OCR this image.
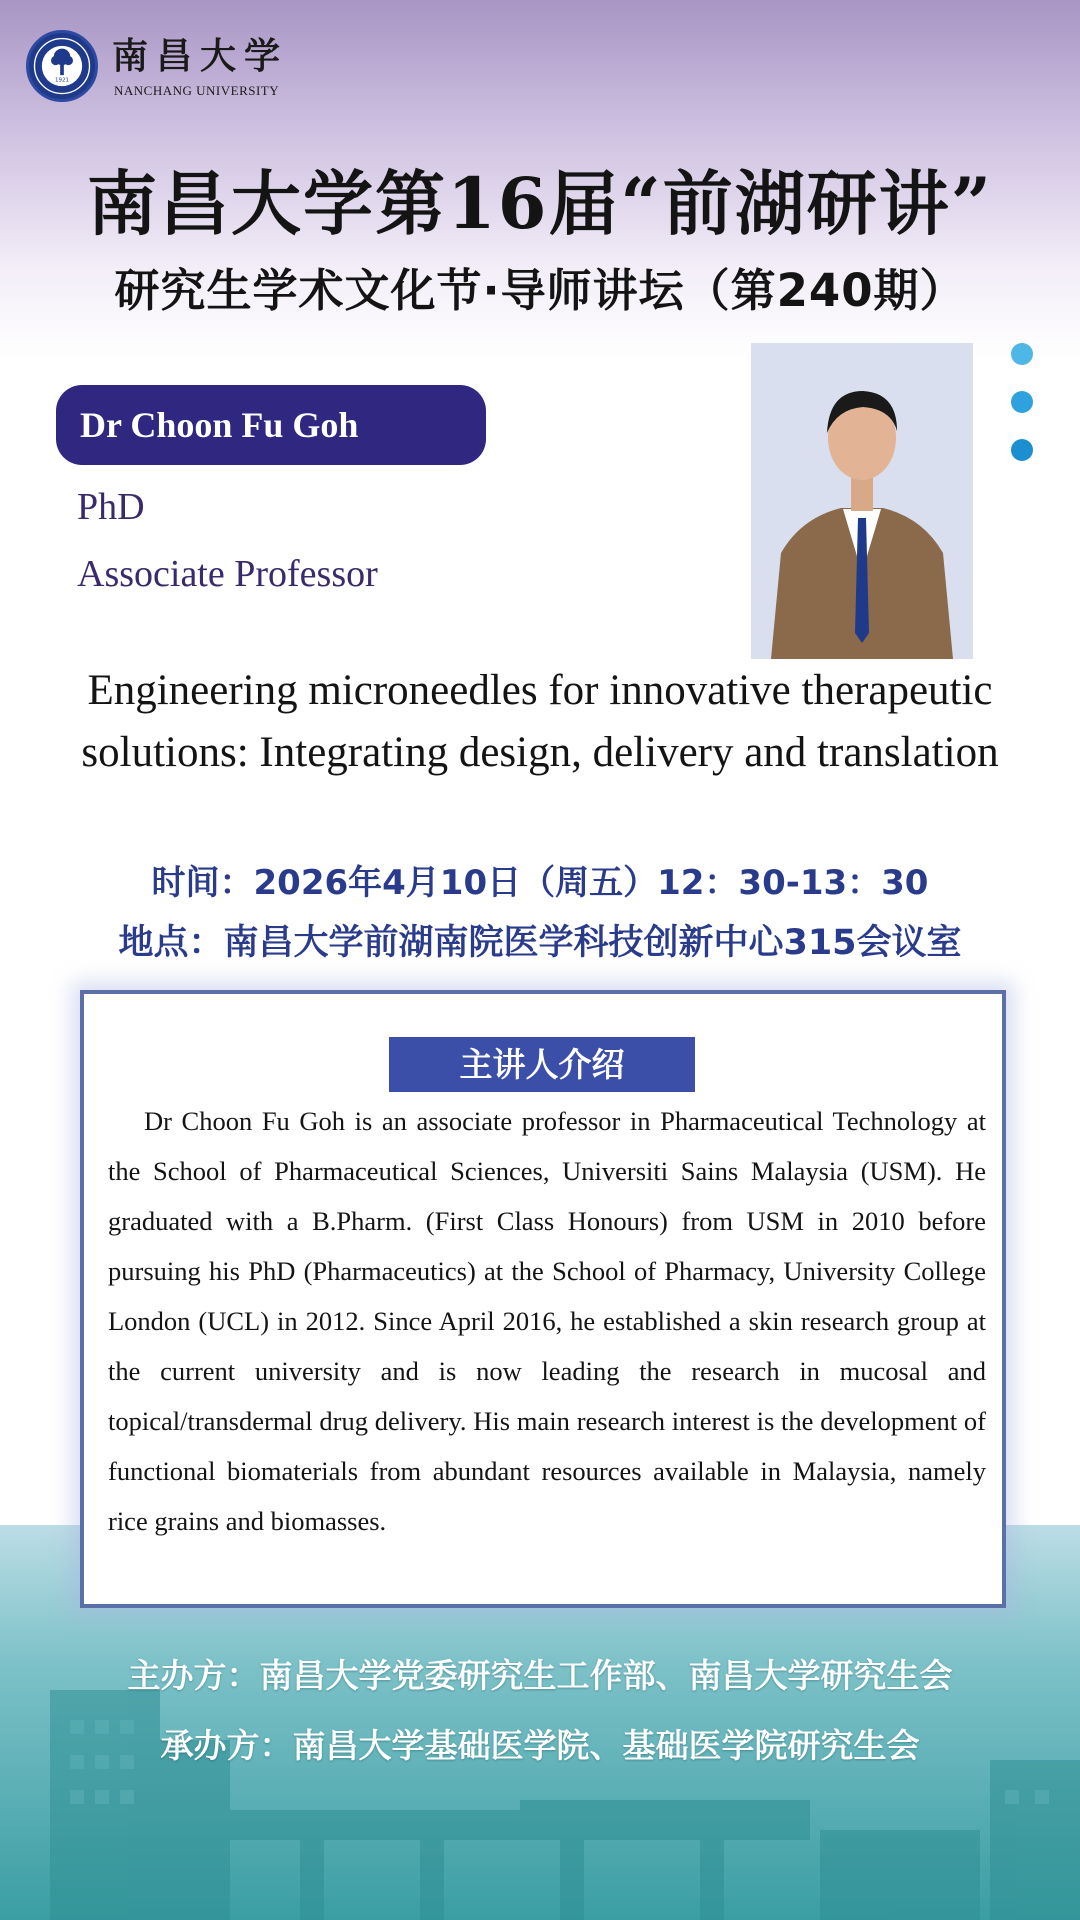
1921
南昌大学
NANCHANG UNIVERSITY
南昌大学第16届“前湖研讲”
研究生学术文化节·导师讲坛（第240期）
Dr Choon Fu Goh
PhD
Associate Professor
Engineering microneedles for innovative therapeutic solutions: Integrating design, delivery and translation
时间：2026年4月10日（周五）12：30-13：30
地点：南昌大学前湖南院医学科技创新中心315会议室
主讲人介绍
Dr Choon Fu Goh is an associate professor in Pharmaceutical Technology at the School of Pharmaceutical Sciences, Universiti Sains Malaysia (USM). He graduated with a B.Pharm. (First Class Honours) from USM in 2010 before pursuing his PhD (Pharmaceutics) at the School of Pharmacy, University College London (UCL) in 2012. Since April 2016, he established a skin research group at the current university and is now leading the research in mucosal and topical/transdermal drug delivery. His main research interest is the development of functional biomaterials from abundant resources available in Malaysia, namely rice grains and biomasses.
主办方：南昌大学党委研究生工作部、南昌大学研究生会
承办方：南昌大学基础医学院、基础医学院研究生会
